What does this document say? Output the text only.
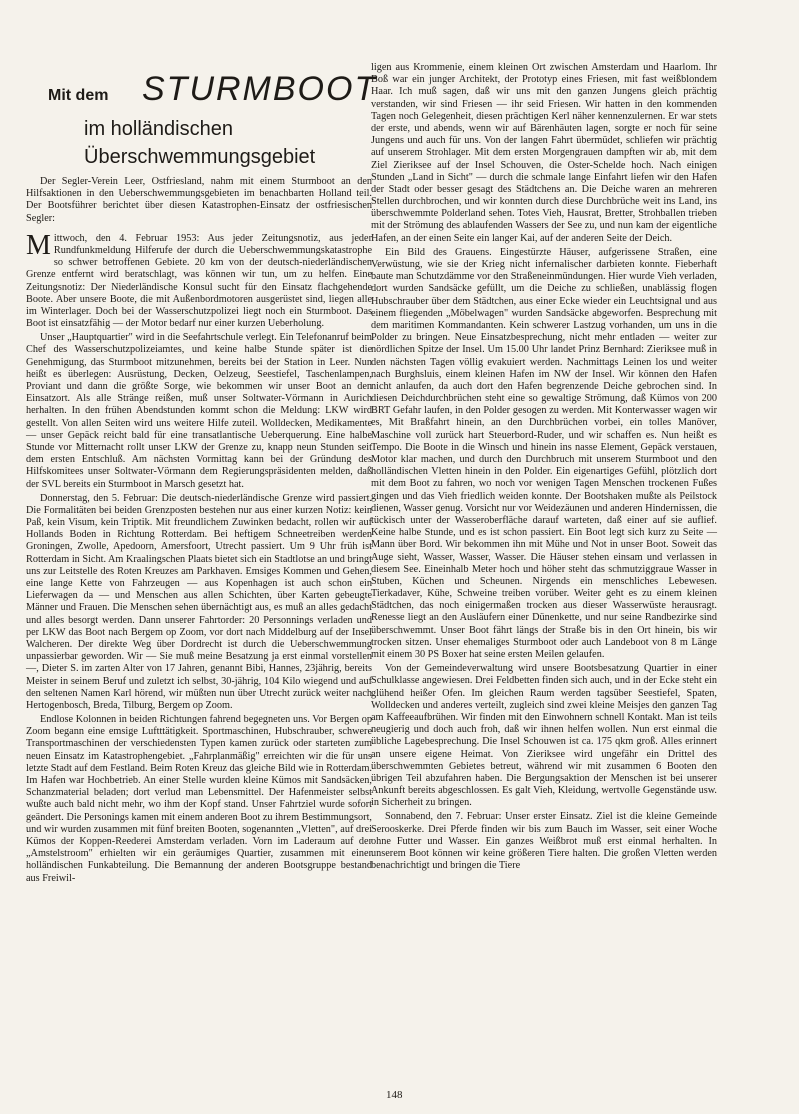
Mit dem STURMBOOT
im holländischen
Überschwemmungsgebiet

Der Segler-Verein Leer, Ostfriesland, nahm mit einem Sturmboot an den Hilfsaktionen in den Ueberschwemmungsgebieten im benachbarten Holland teil. Der Bootsführer berichtet über diesen Katastrophen-Einsatz der ostfriesischen Segler:

Mittwoch, den 4. Februar 1953: Aus jeder Zeitungsnotiz, aus jeder Rundfunkmeldung Hilferufe der durch die Ueberschwemmungskatastrophe so schwer betroffenen Gebiete. 20 km von der deutsch-niederländischen Grenze entfernt wird beratschlagt, was können wir tun, um zu helfen. Eine Zeitungsnotiz: Der Niederländische Konsul sucht für den Einsatz flachgehende Boote. Aber unsere Boote, die mit Außenbordmotoren ausgerüstet sind, liegen alle im Winterlager. Doch bei der Wasserschutzpolizei liegt noch ein Sturmboot. Das Boot ist einsatzfähig — der Motor bedarf nur einer kurzen Ueberholung.

Unser „Hauptquartier" wird in die Seefahrtschule verlegt. Ein Telefonanruf beim Chef des Wasserschutzpolizeiamtes, und keine halbe Stunde später ist die Genehmigung, das Sturmboot mitzunehmen, bereits bei der Station in Leer. Nun heißt es überlegen: Ausrüstung, Decken, Oelzeug, Seestiefel, Taschenlampen, Proviant und dann die größte Sorge, wie bekommen wir unser Boot an den Einsatzort. Als alle Stränge reißen, muß unser Soltwater-Vörmann in Aurich herhalten. In den frühen Abendstunden kommt schon die Meldung: LKW wird gestellt. Von allen Seiten wird uns weitere Hilfe zuteil. Wolldecken, Medikamente — unser Gepäck reicht bald für eine transatlantische Ueberquerung. Eine halbe Stunde vor Mitternacht rollt unser LKW der Grenze zu, knapp neun Stunden seit dem ersten Entschluß. Am nächsten Vormittag kann bei der Gründung des Hilfskomitees unser Soltwater-Vörmann dem Regierungspräsidenten melden, daß der SVL bereits ein Sturmboot in Marsch gesetzt hat.

Donnerstag, den 5. Februar: Die deutsch-niederländische Grenze wird passiert. Die Formalitäten bei beiden Grenzposten bestehen nur aus einer kurzen Notiz: kein Paß, kein Visum, kein Triptik. Mit freundlichem Zuwinken bedacht, rollen wir auf Hollands Boden in Richtung Rotterdam. Bei heftigem Schneetreiben werden Groningen, Zwolle, Apedoorn, Amersfoort, Utrecht passiert. Um 9 Uhr früh ist Rotterdam in Sicht. Am Kraalingschen Plaats bietet sich ein Stadtlotse an und bringt uns zur Leitstelle des Roten Kreuzes am Parkhaven. Emsiges Kommen und Gehen, eine lange Kette von Fahrzeugen — aus Kopenhagen ist auch schon ein Lieferwagen da — und Menschen aus allen Schichten, über Karten gebeugte Männer und Frauen. Die Menschen sehen übernächtigt aus, es muß an alles gedacht und alles besorgt werden. Dann unserer Fahrtorder: 20 Personnings verladen und per LKW das Boot nach Bergem op Zoom, vor dort nach Middelburg auf der Insel Walcheren. Der direkte Weg über Dordrecht ist durch die Ueberschwemmung unpassierbar geworden. Wir — Sie muß meine Besatzung ja erst einmal vorstellen —, Dieter S. im zarten Alter von 17 Jahren, genannt Bibi, Hannes, 23jährig, bereits Meister in seinem Beruf und zuletzt ich selbst, 30-jährig, 104 Kilo wiegend und auf den seltenen Namen Karl hörend, wir müßten nun über Utrecht zurück weiter nach Hertogenbosch, Breda, Tilburg, Bergem op Zoom.

Endlose Kolonnen in beiden Richtungen fahrend begegneten uns. Vor Bergen op Zoom begann eine emsige Luftttätigkeit. Sportmaschinen, Hubschrauber, schwere Transportmaschinen der verschiedensten Typen kamen zurück oder starteten zum neuen Einsatz im Katastrophengebiet. „Fahrplanmäßig" erreichten wir die für uns letzte Stadt auf dem Festland. Beim Roten Kreuz das gleiche Bild wie in Rotterdam. Im Hafen war Hochbetrieb. An einer Stelle wurden kleine Kümos mit Sandsäcken, Schanzmaterial beladen; dort verlud man Lebensmittel. Der Hafenmeister selbst wußte auch bald nicht mehr, wo ihm der Kopf stand. Unser Fahrtziel wurde sofort geändert. Die Personings kamen mit einem anderen Boot zu ihrem Bestimmungsort, und wir wurden zusammen mit fünf breiten Booten, sogenannten „Vletten", auf drei Kümos der Koppen-Reederei Amsterdam verladen. Vorn im Laderaum auf der „Amstelstroom" erhielten wir ein geräumiges Quartier, zusammen mit einer holländischen Funkabteilung. Die Bemannung der anderen Bootsgruppe bestand aus Freiwil-

ligen aus Krommenie, einem kleinen Ort zwischen Amsterdam und Haarlom. Ihr Boß war ein junger Architekt, der Prototyp eines Friesen, mit fast weißblondem Haar. Ich muß sagen, daß wir uns mit den ganzen Jungens gleich prächtig verstanden, wir sind Friesen — ihr seid Friesen. Wir hatten in den kommenden Tagen noch Gelegenheit, diesen prächtigen Kerl näher kennenzulernen. Er war stets der erste, und abends, wenn wir auf Bärenhäuten lagen, sorgte er noch für seine Jungens und auch für uns. Von der langen Fahrt übermüdet, schliefen wir prächtig auf unserem Strohlager. Mit dem ersten Morgengrauen dampften wir ab, mit dem Ziel Zieriksee auf der Insel Schouven, die Oster-Schelde hoch. Nach einigen Stunden „Land in Sicht" — durch die schmale lange Einfahrt liefen wir den Hafen der Stadt oder besser gesagt des Städtchens an. Die Deiche waren an mehreren Stellen durchbrochen, und wir konnten durch diese Durchbrüche weit ins Land, ins überschwemmte Polderland sehen. Totes Vieh, Hausrat, Bretter, Strohballen trieben mit der Strömung des ablaufenden Wassers der See zu, und nun kam der eigentliche Hafen, an der einen Seite ein langer Kai, auf der anderen Seite der Deich.

Ein Bild des Grauens. Eingestürzte Häuser, aufgerissene Straßen, eine Verwüstung, wie sie der Krieg nicht infernalischer darbieten konnte. Fieberhaft baute man Schutzdämme vor den Straßeneinmündungen. Hier wurde Vieh verladen, dort wurden Sandsäcke gefüllt, um die Deiche zu schließen, unablässig flogen Hubschrauber über dem Städtchen, aus einer Ecke wieder ein Leuchtsignal und aus einem fliegenden „Möbelwagen" wurden Sandsäcke abgeworfen. Besprechung mit dem maritimen Kommandanten. Kein schwerer Lastzug vorhanden, um uns in die Polder zu bringen. Neue Einsatzbesprechung, nicht mehr entladen — weiter zur nördlichen Spitze der Insel. Um 15.00 Uhr landet Prinz Bernhard: Zieriksee muß in den nächsten Tagen völlig evakuiert werden. Nachmittags Leinen los und weiter nach Burghsluis, einem kleinen Hafen im NW der Insel. Wir können den Hafen nicht anlaufen, da auch dort den Hafen begrenzende Deiche gebrochen sind. In diesen Deichdurchbrüchen steht eine so gewaltige Strömung, daß Kümos von 200 BRT Gefahr laufen, in den Polder gesogen zu werden. Mit Konterwasser wagen wir es, Mit Braßfahrt hinein, an den Durchbrüchen vorbei, ein tolles Manöver, Maschine voll zurück hart Steuerbord-Ruder, und wir schaffen es. Nun heißt es Tempo. Die Boote in die Winsch und hinein ins nasse Element, Gepäck verstauen, Motor klar machen, und durch den Durchbruch mit unserem Sturmboot und den holländischen Vletten hinein in den Polder. Ein eigenartiges Gefühl, plötzlich dort mit dem Boot zu fahren, wo noch vor wenigen Tagen Menschen trockenen Fußes gingen und das Vieh friedlich weiden konnte. Der Bootshaken mußte als Peilstock dienen, Wasser genug. Vorsicht nur vor Weidezäunen und anderen Hindernissen, die tückisch unter der Wasseroberfläche darauf warteten, daß einer auf sie auflief. Keine halbe Stunde, und es ist schon passiert. Ein Boot legt sich kurz zu Seite — Mann über Bord. Wir bekommen ihn mit Mühe und Not in unser Boot. Soweit das Auge sieht, Wasser, Wasser, Wasser. Die Häuser stehen einsam und verlassen in diesem See. Eineinhalb Meter hoch und höher steht das schmutziggraue Wasser in Stuben, Küchen und Scheunen. Nirgends ein menschliches Lebewesen. Tierkadaver, Kühe, Schweine treiben vorüber. Weiter geht es zu einem kleinen Städtchen, das noch einigermaßen trocken aus dieser Wasserwüste herausragt. Renesse liegt an den Ausläufern einer Dünenkette, und nur seine Randbezirke sind überschwemmt. Unser Boot fährt längs der Straße bis in den Ort hinein, bis wir trocken sitzen. Unser ehemaliges Sturmboot oder auch Landeboot von 8 m Länge mit einem 30 PS Boxer hat seine ersten Meilen gelaufen.

Von der Gemeindeverwaltung wird unsere Bootsbesatzung Quartier in einer Schulklasse angewiesen. Drei Feldbetten finden sich auch, und in der Ecke steht ein glühend heißer Ofen. Im gleichen Raum werden tagsüber Seestiefel, Spaten, Wolldecken und anderes verteilt, zugleich sind zwei kleine Meisjes den ganzen Tag am Kaffeeaufbrühen. Wir finden mit den Einwohnern schnell Kontakt. Man ist teils neugierig und doch auch froh, daß wir ihnen helfen wollen. Nun erst einmal die übliche Lagebesprechung. Die Insel Schouwen ist ca. 175 qkm groß. Alles erinnert an unsere eigene Heimat. Von Zieriksee wird ungefähr ein Drittel des überschwemmten Gebietes betreut, während wir mit zusammen 6 Booten den übrigen Teil abzufahren haben. Die Bergungsaktion der Menschen ist bei unserer Ankunft bereits abgeschlossen. Es galt Vieh, Kleidung, wertvolle Gegenstände usw. in Sicherheit zu bringen.

Sonnabend, den 7. Februar: Unser erster Einsatz. Ziel ist die kleine Gemeinde Serooskerke. Drei Pferde finden wir bis zum Bauch im Wasser, seit einer Woche ohne Futter und Wasser. Ein ganzes Weißbrot muß erst einmal herhalten. In unserem Boot können wir keine größeren Tiere halten. Die großen Vletten werden benachrichtigt und bringen die Tiere

148
